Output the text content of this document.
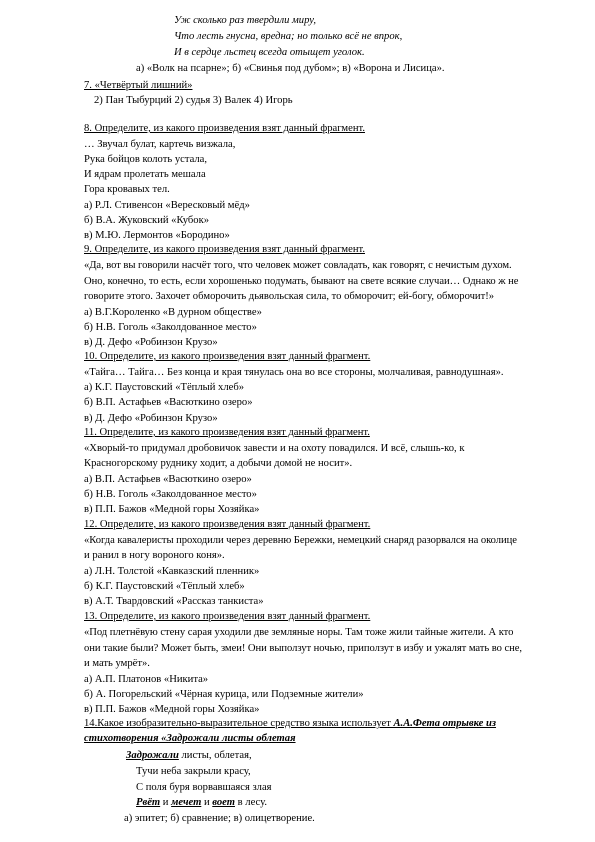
Уж сколько раз твердили миру,
Что лесть гнусна, вредна; но только всё не впрок,
И в сердце льстец всегда отыщет уголок.
а) «Волк на псарне»; б) «Свинья под дубом»; в) «Ворона и Лисица».
7. «Четвёртый лишний»
2) Пан Тыбурций 2) судья 3) Валек 4) Игорь
8. Определите, из какого произведения взят данный фрагмент.
… Звучал булат, картечь визжала,
Рука бойцов колоть устала,
И ядрам пролетать мешала
Гора кровавых тел.
а) Р.Л. Стивенсон «Вересковый мёд»
б) В.А. Жуковский «Кубок»
в) М.Ю. Лермонтов «Бородино»
9. Определите, из какого произведения взят данный фрагмент.
«Да, вот вы говорили насчёт того, что человек может совладать, как говорят, с нечистым духом.
Оно, конечно, то есть, если хорошенько подумать, бывают на свете всякие случаи… Однако ж не
говорите этого. Захочет обморочить дьявольская сила, то обморочит; ей-богу, обморочит!»
а) В.Г.Короленко «В дурном обществе»
б) Н.В. Гоголь «Заколдованное место»
в) Д. Дефо «Робинзон Крузо»
10. Определите, из какого произведения взят данный фрагмент.
«Тайга… Тайга… Без конца и края тянулась она во все стороны, молчаливая, равнодушная».
а) К.Г. Паустовский «Тёплый хлеб»
б) В.П. Астафьев «Васюткино озеро»
в) Д. Дефо «Робинзон Крузо»
11. Определите, из какого произведения взят данный фрагмент.
«Хворый-то придумал дробовичок завести и на охоту повадился. И всё, слышь-ко, к
Красногорскому руднику ходит, а добычи домой не носит».
а) В.П. Астафьев «Васюткино озеро»
б) Н.В. Гоголь «Заколдованное место»
в) П.П. Бажов «Медной горы Хозяйка»
12. Определите, из какого произведения взят данный фрагмент.
«Когда кавалеристы проходили через деревню Бережки, немецкий снаряд разорвался на околице
и ранил в ногу вороного коня».
а) Л.Н. Толстой «Кавказский пленник»
б) К.Г. Паустовский «Тёплый хлеб»
в) А.Т. Твардовский «Рассказ танкиста»
13. Определите, из какого произведения взят данный фрагмент.
«Под плетнёвую стену сарая уходили две земляные норы. Там тоже жили тайные жители. А кто
они такие были? Может быть, змеи! Они выползут ночью, приползут в избу и ужалят мать во сне,
и мать умрёт».
а) А.П. Платонов «Никита»
б) А. Погорельский «Чёрная курица, или Подземные жители»
в) П.П. Бажов «Медной горы Хозяйка»
14.Какое изобразительно-выразительное средство языка использует А.А.Фета отрывке из
стихотворения «Задрожали листы облетая
Задрожали листы, облетая,
Тучи неба закрыли красу,
С поля буря ворвавшаяся злая
Рвёт и мечет и воет в лесу.
а) эпитет; б) сравнение; в) олицетворение.
